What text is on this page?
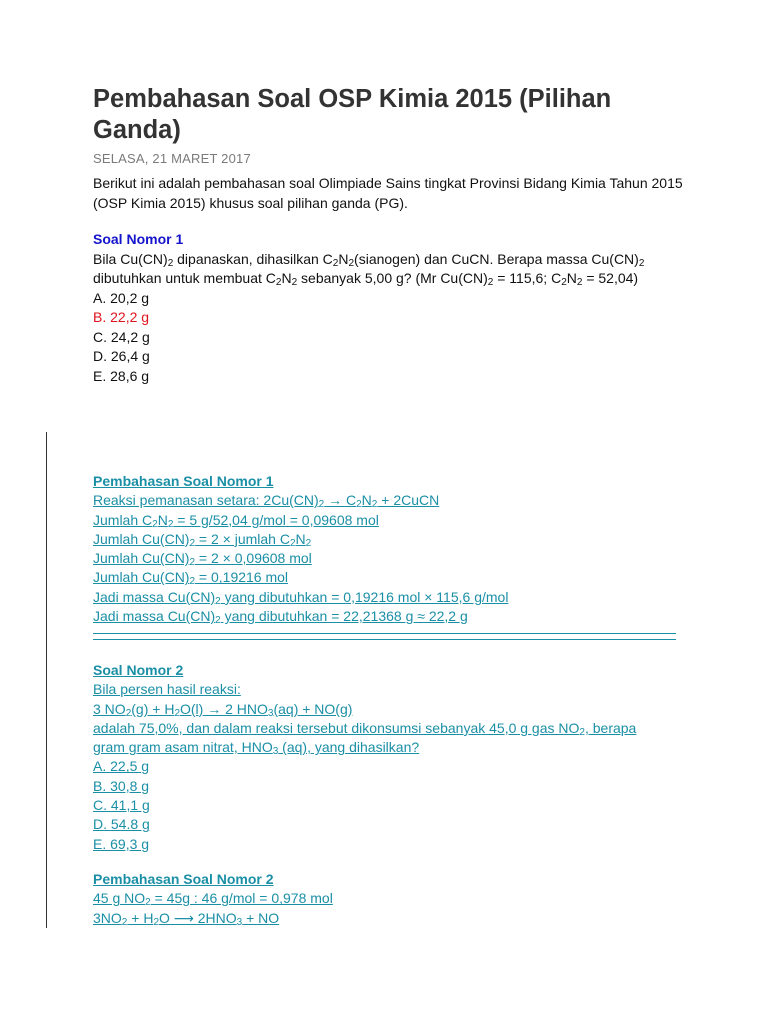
Pembahasan Soal OSP Kimia 2015 (Pilihan Ganda)
SELASA, 21 MARET 2017

Berikut ini adalah pembahasan soal Olimpiade Sains tingkat Provinsi Bidang Kimia Tahun 2015 (OSP Kimia 2015) khusus soal pilihan ganda (PG).

Soal Nomor 1
Bila $Cu(CN)_2$ dipanaskan, dihasilkan $C_2N_2(sianogen)$ dan CuCN. Berapa massa $Cu(CN)_2$ dibutuhkan untuk membuat $C_2N_2$ sebanyak 5,00 g? (Mr $Cu(CN)_2 = 115,6$; $C_2N_2 = 52,04$)
A. 20,2 g
B. 22,2 g
C. 24,2 g
D. 26,4 g
E. 28,6 g
Pembahasan Soal Nomor 1
Reaksi pemanasan setara: $2Cu(CN)_2 \to C_2N_2$ + 2CuCN
Jumlah $C_2N_2 = 5$ g/52,04 g/mol = 0,09608 mol
Jumlah $Cu(CN)_2 = 2$ × jumlah $C_2N_2$
Jumlah $Cu(CN)_2 = 2 \times 0,09608$ mol
Jumlah $Cu(CN)_2 = 0,19216$ mol
Jadi massa $Cu(CN)_2$ yang dibutuhkan = 0,19216 mol × 115,6 g/mol
Jadi massa $Cu(CN)_2$ yang dibutuhkan = 22,21368 g ≈ 22,2 g
Soal Nomor 2
Bila persen hasil reaksi:
3 $NO_2(g) + H_2O(l) \to 2$ $HNO_3(aq) + NO(g)$
adalah 75,0%, dan dalam reaksi tersebut dikonsumsi sebanyak 45,0 g gas $NO_2$, berapa
gram gram asam nitrat, $HNO_3$ (aq), yang dihasilkan?
A. 22,5 g
B. 30,8 g
C. 41,1 g
D. 54.8 g
E. 69,3 g
Pembahasan Soal Nomor 2
45 g $NO_2 = 45g$ : 46 g/mol = 0,978 mol
$3NO_2 + H_2O$ ⟶ $2HNO_3$ + NO
